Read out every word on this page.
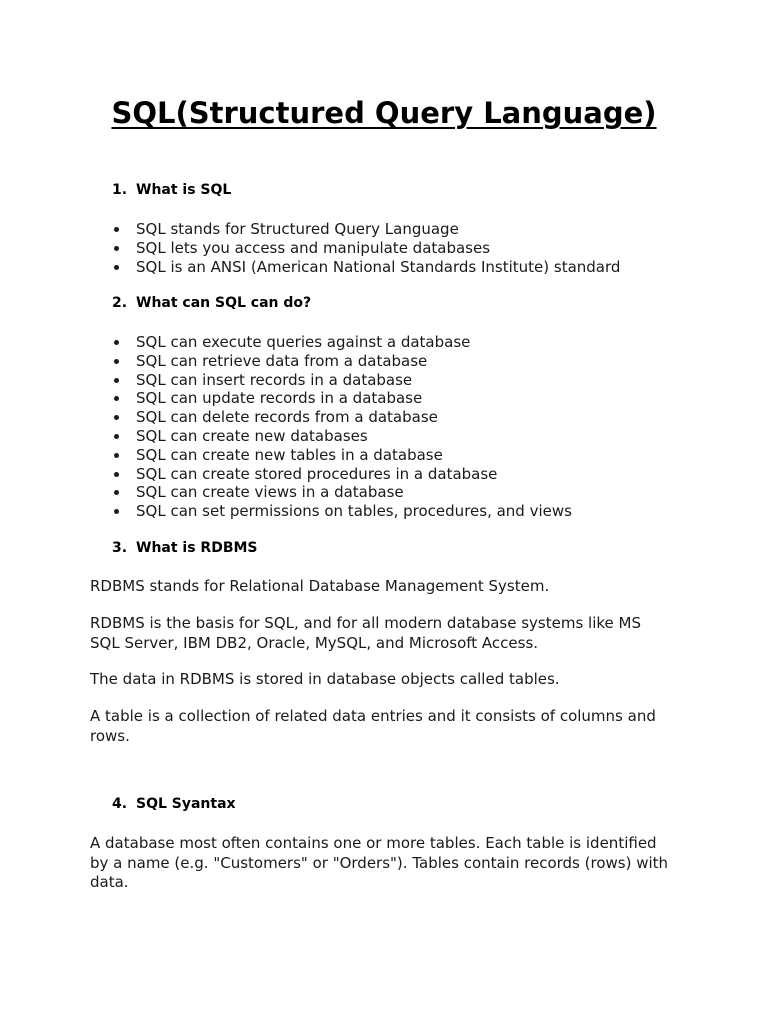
SQL(Structured Query Language)
1. What is SQL
SQL stands for Structured Query Language
SQL lets you access and manipulate databases
SQL is an ANSI (American National Standards Institute) standard
2. What can SQL can do?
SQL can execute queries against a database
SQL can retrieve data from a database
SQL can insert records in a database
SQL can update records in a database
SQL can delete records from a database
SQL can create new databases
SQL can create new tables in a database
SQL can create stored procedures in a database
SQL can create views in a database
SQL can set permissions on tables, procedures, and views
3. What is RDBMS

RDBMS stands for Relational Database Management System.

RDBMS is the basis for SQL, and for all modern database systems like MS SQL Server, IBM DB2, Oracle, MySQL, and Microsoft Access.

The data in RDBMS is stored in database objects called tables.

A table is a collection of related data entries and it consists of columns and rows.

4. SQL Syantax

A database most often contains one or more tables. Each table is identified by a name (e.g. "Customers" or "Orders"). Tables contain records (rows) with data.
